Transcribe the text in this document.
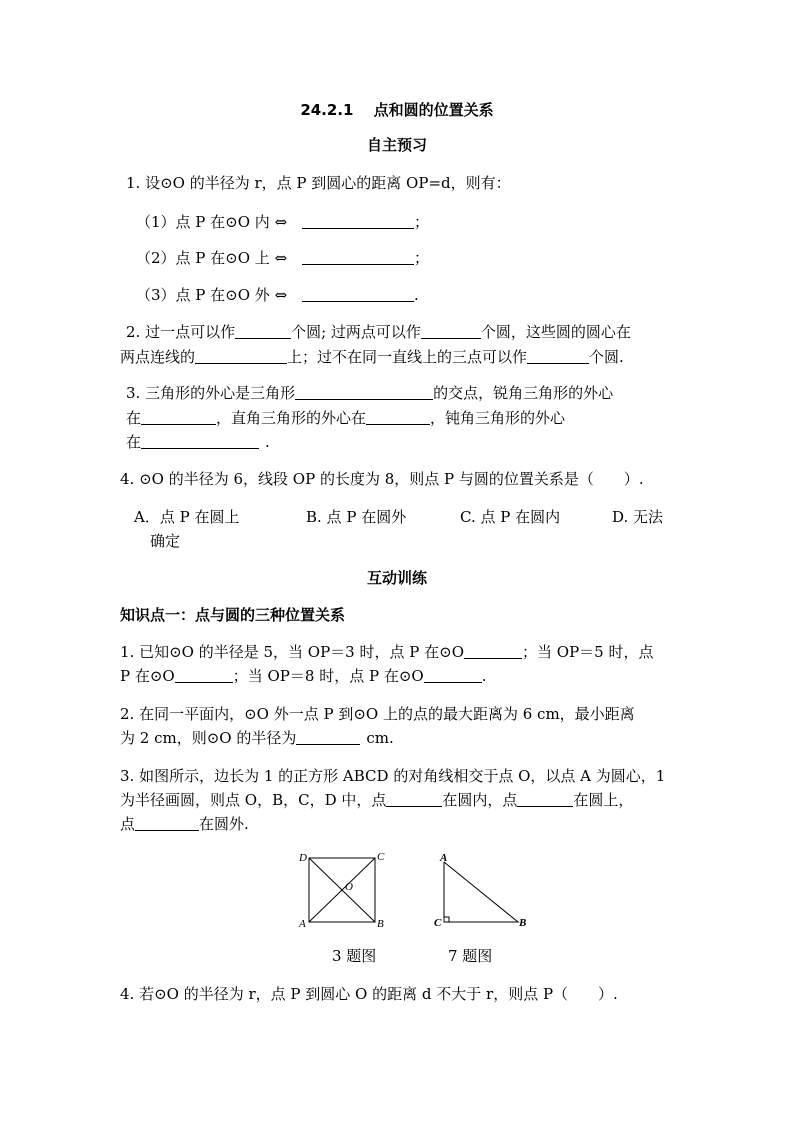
24.2.1　 点和圆的位置关系
自主预习
1. 设⊙O 的半径为 r，点 P 到圆心的距离 OP=d，则有：
（1）点 P 在⊙O 内 ⇔	；
（2）点 P 在⊙O 上 ⇔	；
（3）点 P 在⊙O 外 ⇔	.
2. 过一点可以作	个圆; 过两点可以作	个圆，这些圆的圆心在
两点连线的	上；过不在同一直线上的三点可以作	个圆.
3. 三角形的外心是三角形	的交点，锐角三角形的外心
在	，直角三角形的外心在	，钝角三角形的外心
在	.
4. ⊙O 的半径为 6，线段 OP 的长度为 8，则点 P 与圆的位置关系是（　　）.
A．点 P 在圆上	B. 点 P 在圆外	C. 点 P 在圆内	D. 无法
确定
互动训练
知识点一：点与圆的三种位置关系
1. 已知⊙O 的半径是 5，当 OP＝3 时，点 P 在⊙O	；当 OP＝5 时，点
P 在⊙O	；当 OP＝8 时，点 P 在⊙O	.
2. 在同一平面内，⊙O 外一点 P 到⊙O 上的点的最大距离为 6 cm，最小距离
为 2 cm，则⊙O 的半径为	cm.
3. 如图所示，边长为 1 的正方形 ABCD 的对角线相交于点 O，以点 A 为圆心，1
为半径画圆，则点 O，B，C，D 中，点	在圆内，点	在圆上，
点	在圆外.
D	C
O
A	B
A
C	B
3 题图	7 题图
4. 若⊙O 的半径为 r，点 P 到圆心 O 的距离 d 不大于 r，则点 P（　　）.
